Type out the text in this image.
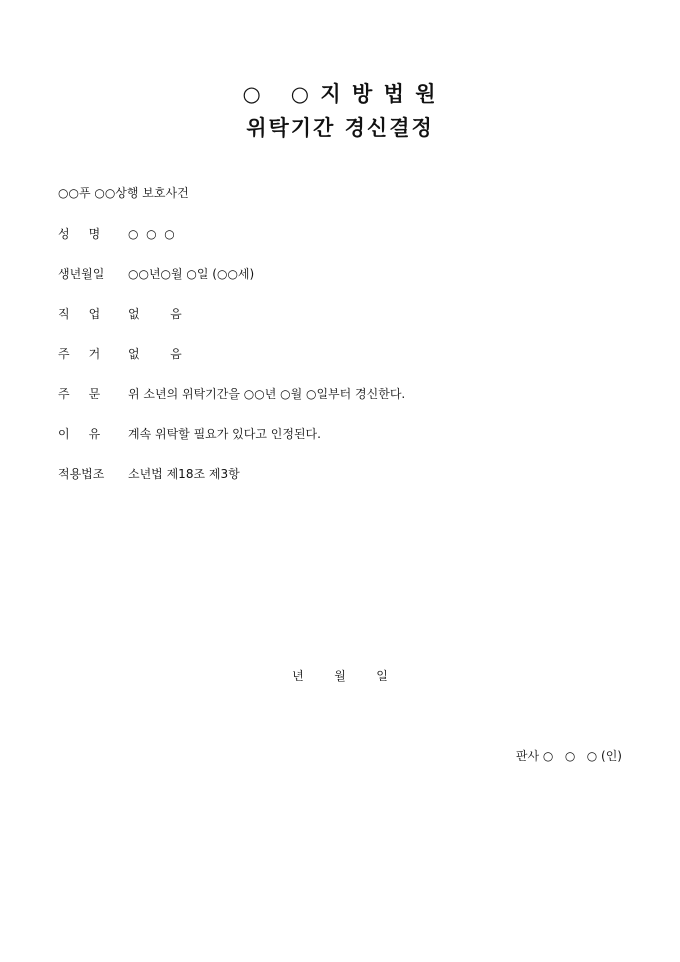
○   ○ 지 방 법 원
위탁기간 경신결정
○○푸 ○○상행 보호사건

성     명

○  ○  ○

생년월일

○○년○월 ○일 (○○세)

직     업

없        음

주     거

없        음

주     문

위 소년의 위탁기간을 ○○년 ○월 ○일부터 경신한다.

이     유

계속 위탁할 필요가 있다고 인정된다.

적용법조

소년법 제18조 제3항

년        월        일
판사 ○   ○   ○ (인)
